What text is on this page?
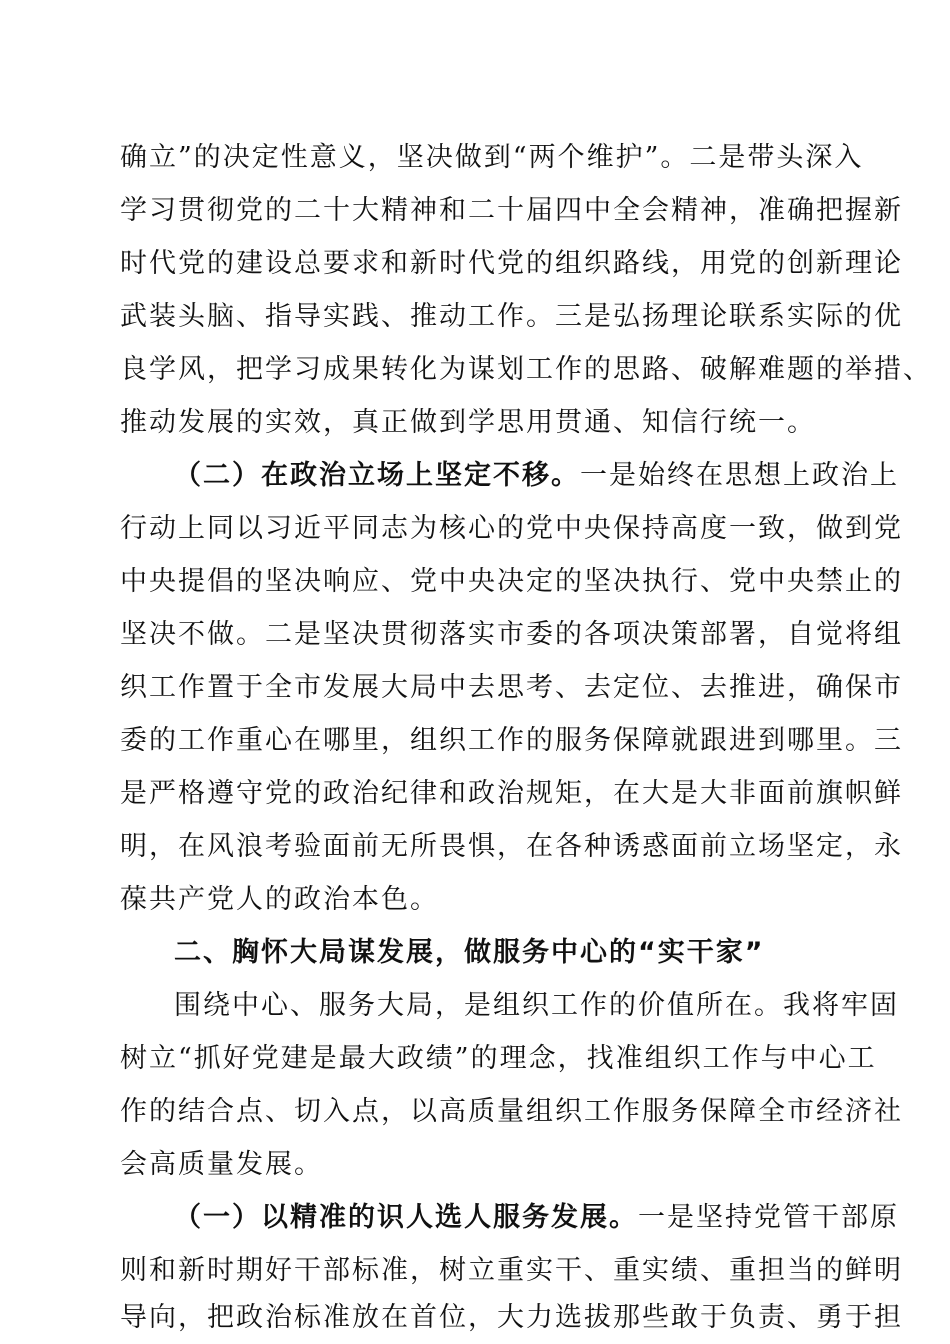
确立”的决定性意义，坚决做到“两个维护”。二是带头深入
学习贯彻党的二十大精神和二十届四中全会精神，准确把握新
时代党的建设总要求和新时代党的组织路线，用党的创新理论
武装头脑、指导实践、推动工作。三是弘扬理论联系实际的优
良学风，把学习成果转化为谋划工作的思路、破解难题的举措、
推动发展的实效，真正做到学思用贯通、知信行统一。
（二）在政治立场上坚定不移。一是始终在思想上政治上
行动上同以习近平同志为核心的党中央保持高度一致，做到党
中央提倡的坚决响应、党中央决定的坚决执行、党中央禁止的
坚决不做。二是坚决贯彻落实市委的各项决策部署，自觉将组
织工作置于全市发展大局中去思考、去定位、去推进，确保市
委的工作重心在哪里，组织工作的服务保障就跟进到哪里。三
是严格遵守党的政治纪律和政治规矩，在大是大非面前旗帜鲜
明，在风浪考验面前无所畏惧，在各种诱惑面前立场坚定，永
葆共产党人的政治本色。
二、胸怀大局谋发展，做服务中心的“实干家”
围绕中心、服务大局，是组织工作的价值所在。我将牢固
树立“抓好党建是最大政绩”的理念，找准组织工作与中心工
作的结合点、切入点，以高质量组织工作服务保障全市经济社
会高质量发展。
（一）以精准的识人选人服务发展。一是坚持党管干部原
则和新时期好干部标准，树立重实干、重实绩、重担当的鲜明
导向，把政治标准放在首位，大力选拔那些敢于负责、勇于担
